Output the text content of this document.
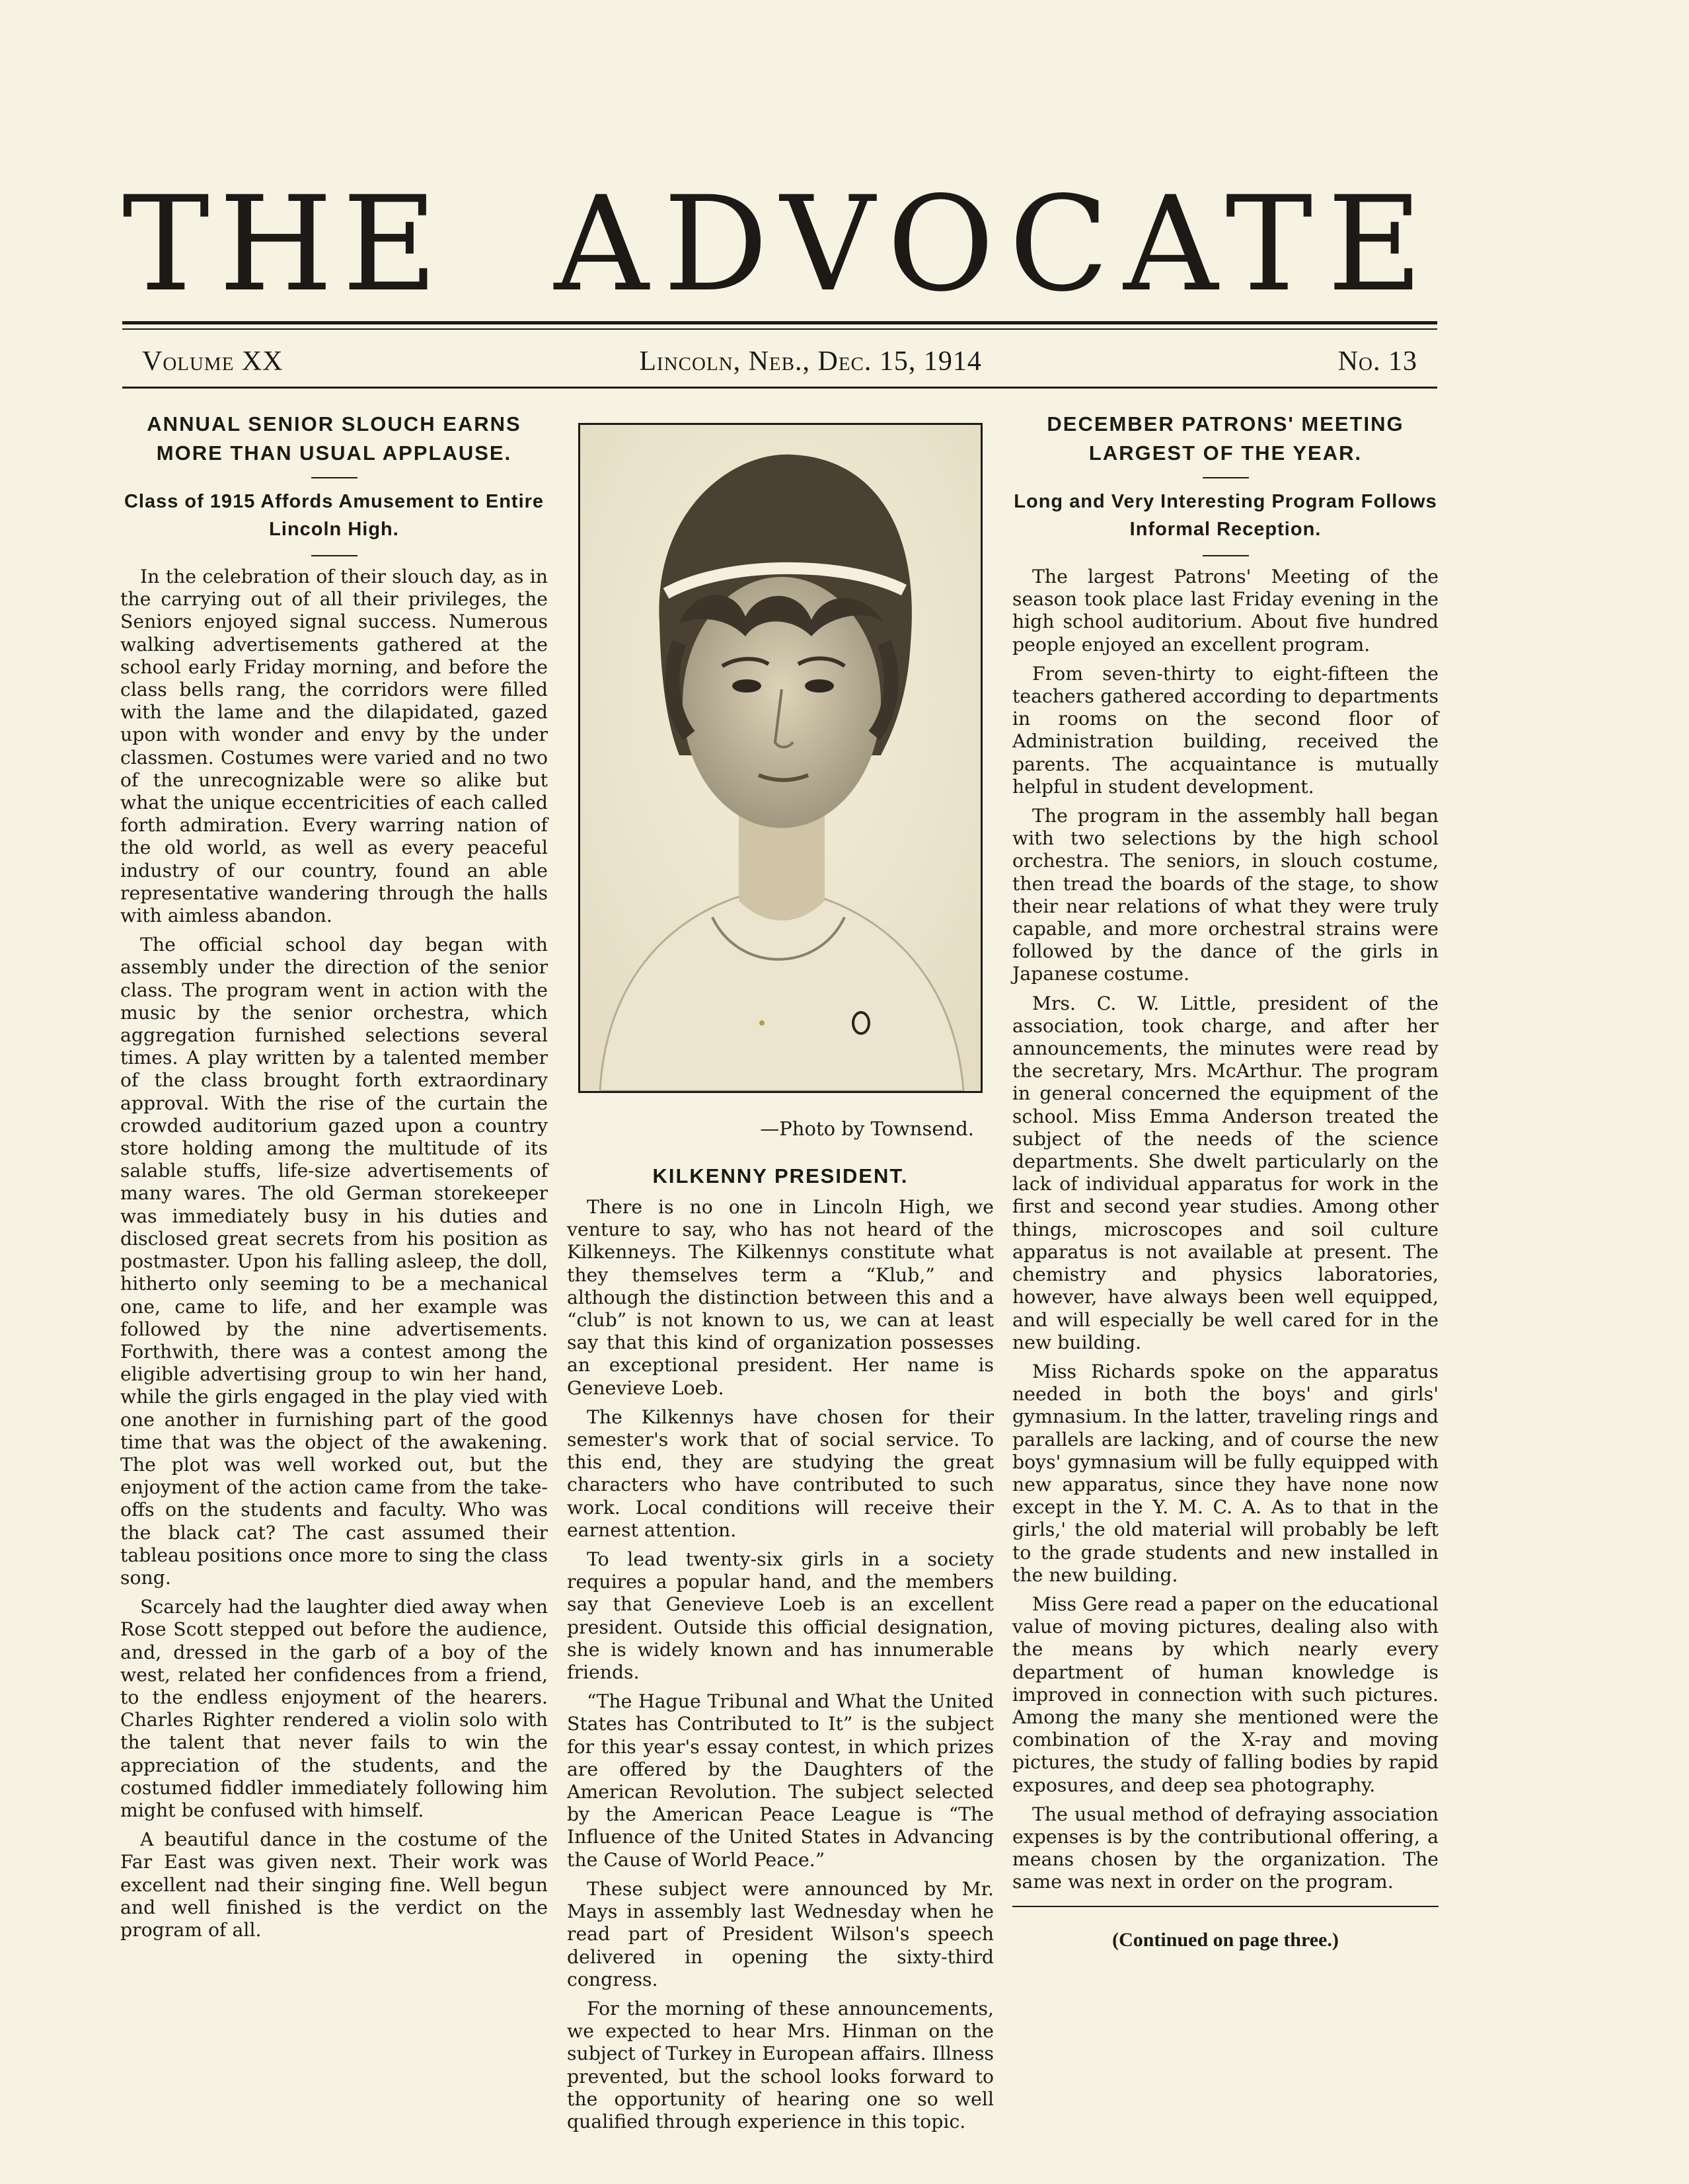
THE ADVOCATE
Volume XX	Lincoln, Neb., Dec. 15, 1914	No. 13
ANNUAL SENIOR SLOUCH EARNS MORE THAN USUAL APPLAUSE.
Class of 1915 Affords Amusement to Entire Lincoln High.

In the celebration of their slouch day, as in the carrying out of all their privileges, the Seniors enjoyed signal success. Numerous walking advertisements gathered at the school early Friday morning, and before the class bells rang, the corridors were filled with the lame and the dilapidated, gazed upon with wonder and envy by the under classmen. Costumes were varied and no two of the unrecognizable were so alike but what the unique eccentricities of each called forth admiration. Every warring nation of the old world, as well as every peaceful industry of our country, found an able representative wandering through the halls with aimless abandon.

The official school day began with assembly under the direction of the senior class. The program went in action with the music by the senior orchestra, which aggregation furnished selections several times. A play written by a talented member of the class brought forth extraordinary approval. With the rise of the curtain the crowded auditorium gazed upon a country store holding among the multitude of its salable stuffs, life-size advertisements of many wares. The old German storekeeper was immediately busy in his duties and disclosed great secrets from his position as postmaster. Upon his falling asleep, the doll, hitherto only seeming to be a mechanical one, came to life, and her example was followed by the nine advertisements. Forthwith, there was a contest among the eligible advertising group to win her hand, while the girls engaged in the play vied with one another in furnishing part of the good time that was the object of the awakening. The plot was well worked out, but the enjoyment of the action came from the take-offs on the students and faculty. Who was the black cat? The cast assumed their tableau positions once more to sing the class song.

Scarcely had the laughter died away when Rose Scott stepped out before the audience, and, dressed in the garb of a boy of the west, related her confidences from a friend, to the endless enjoyment of the hearers. Charles Righter rendered a violin solo with the talent that never fails to win the appreciation of the students, and the costumed fiddler immediately following him might be confused with himself.

A beautiful dance in the costume of the Far East was given next. Their work was excellent nad their singing fine. Well begun and well finished is the verdict on the program of all.

—Photo by Townsend.
KILKENNY PRESIDENT.

There is no one in Lincoln High, we venture to say, who has not heard of the Kilkenneys. The Kilkennys constitute what they themselves term a “Klub,” and although the distinction between this and a “club” is not known to us, we can at least say that this kind of organization possesses an exceptional president. Her name is Genevieve Loeb.

The Kilkennys have chosen for their semester's work that of social service. To this end, they are studying the great characters who have contributed to such work. Local conditions will receive their earnest attention.

To lead twenty-six girls in a society requires a popular hand, and the members say that Genevieve Loeb is an excellent president. Outside this official designation, she is widely known and has innumerable friends.

“The Hague Tribunal and What the United States has Contributed to It” is the subject for this year's essay contest, in which prizes are offered by the Daughters of the American Revolution. The subject selected by the American Peace League is “The Influence of the United States in Advancing the Cause of World Peace.”

These subject were announced by Mr. Mays in assembly last Wednesday when he read part of President Wilson's speech delivered in opening the sixty-third congress.

For the morning of these announcements, we expected to hear Mrs. Hinman on the subject of Turkey in European affairs. Illness prevented, but the school looks forward to the opportunity of hearing one so well qualified through experience in this topic.

DECEMBER PATRONS' MEETING LARGEST OF THE YEAR.
Long and Very Interesting Program Follows Informal Reception.

The largest Patrons' Meeting of the season took place last Friday evening in the high school auditorium. About five hundred people enjoyed an excellent program.

From seven-thirty to eight-fifteen the teachers gathered according to departments in rooms on the second floor of Administration building, received the parents. The acquaintance is mutually helpful in student development.

The program in the assembly hall began with two selections by the high school orchestra. The seniors, in slouch costume, then tread the boards of the stage, to show their near relations of what they were truly capable, and more orchestral strains were followed by the dance of the girls in Japanese costume.

Mrs. C. W. Little, president of the association, took charge, and after her announcements, the minutes were read by the secretary, Mrs. McArthur. The program in general concerned the equipment of the school. Miss Emma Anderson treated the subject of the needs of the science departments. She dwelt particularly on the lack of individual apparatus for work in the first and second year studies. Among other things, microscopes and soil culture apparatus is not available at present. The chemistry and physics laboratories, however, have always been well equipped, and will especially be well cared for in the new building.

Miss Richards spoke on the apparatus needed in both the boys' and girls' gymnasium. In the latter, traveling rings and parallels are lacking, and of course the new boys' gymnasium will be fully equipped with new apparatus, since they have none now except in the Y. M. C. A. As to that in the girls,' the old material will probably be left to the grade students and new installed in the new building.

Miss Gere read a paper on the educational value of moving pictures, dealing also with the means by which nearly every department of human knowledge is improved in connection with such pictures. Among the many she mentioned were the combination of the X-ray and moving pictures, the study of falling bodies by rapid exposures, and deep sea photography.

The usual method of defraying association expenses is by the contributional offering, a means chosen by the organization. The same was next in order on the program.

(Continued on page three.)
